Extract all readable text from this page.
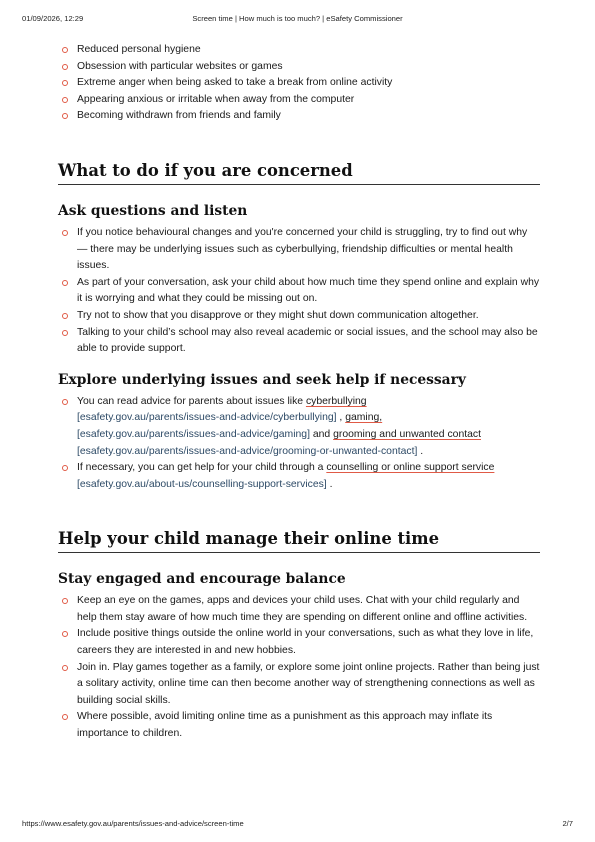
01/09/2026, 12:29	Screen time | How much is too much? | eSafety Commissioner
Reduced personal hygiene
Obsession with particular websites or games
Extreme anger when being asked to take a break from online activity
Appearing anxious or irritable when away from the computer
Becoming withdrawn from friends and family
What to do if you are concerned
Ask questions and listen
If you notice behavioural changes and you're concerned your child is struggling, try to find out why — there may be underlying issues such as cyberbullying, friendship difficulties or mental health issues.
As part of your conversation, ask your child about how much time they spend online and explain why it is worrying and what they could be missing out on.
Try not to show that you disapprove or they might shut down communication altogether.
Talking to your child’s school may also reveal academic or social issues, and the school may also be able to provide support.
Explore underlying issues and seek help if necessary
You can read advice for parents about issues like cyberbullying
[esafety.gov.au/parents/issues-and-advice/cyberbullying] , gaming,
[esafety.gov.au/parents/issues-and-advice/gaming] and grooming and unwanted contact
[esafety.gov.au/parents/issues-and-advice/grooming-or-unwanted-contact] .
If necessary, you can get help for your child through a counselling or online support service
[esafety.gov.au/about-us/counselling-support-services] .
Help your child manage their online time
Stay engaged and encourage balance
Keep an eye on the games, apps and devices your child uses. Chat with your child regularly and help them stay aware of how much time they are spending on different online and offline activities.
Include positive things outside the online world in your conversations, such as what they love in life, careers they are interested in and new hobbies.
Join in. Play games together as a family, or explore some joint online projects. Rather than being just a solitary activity, online time can then become another way of strengthening connections as well as building social skills.
Where possible, avoid limiting online time as a punishment as this approach may inflate its importance to children.
https://www.esafety.gov.au/parents/issues-and-advice/screen-time	2/7
